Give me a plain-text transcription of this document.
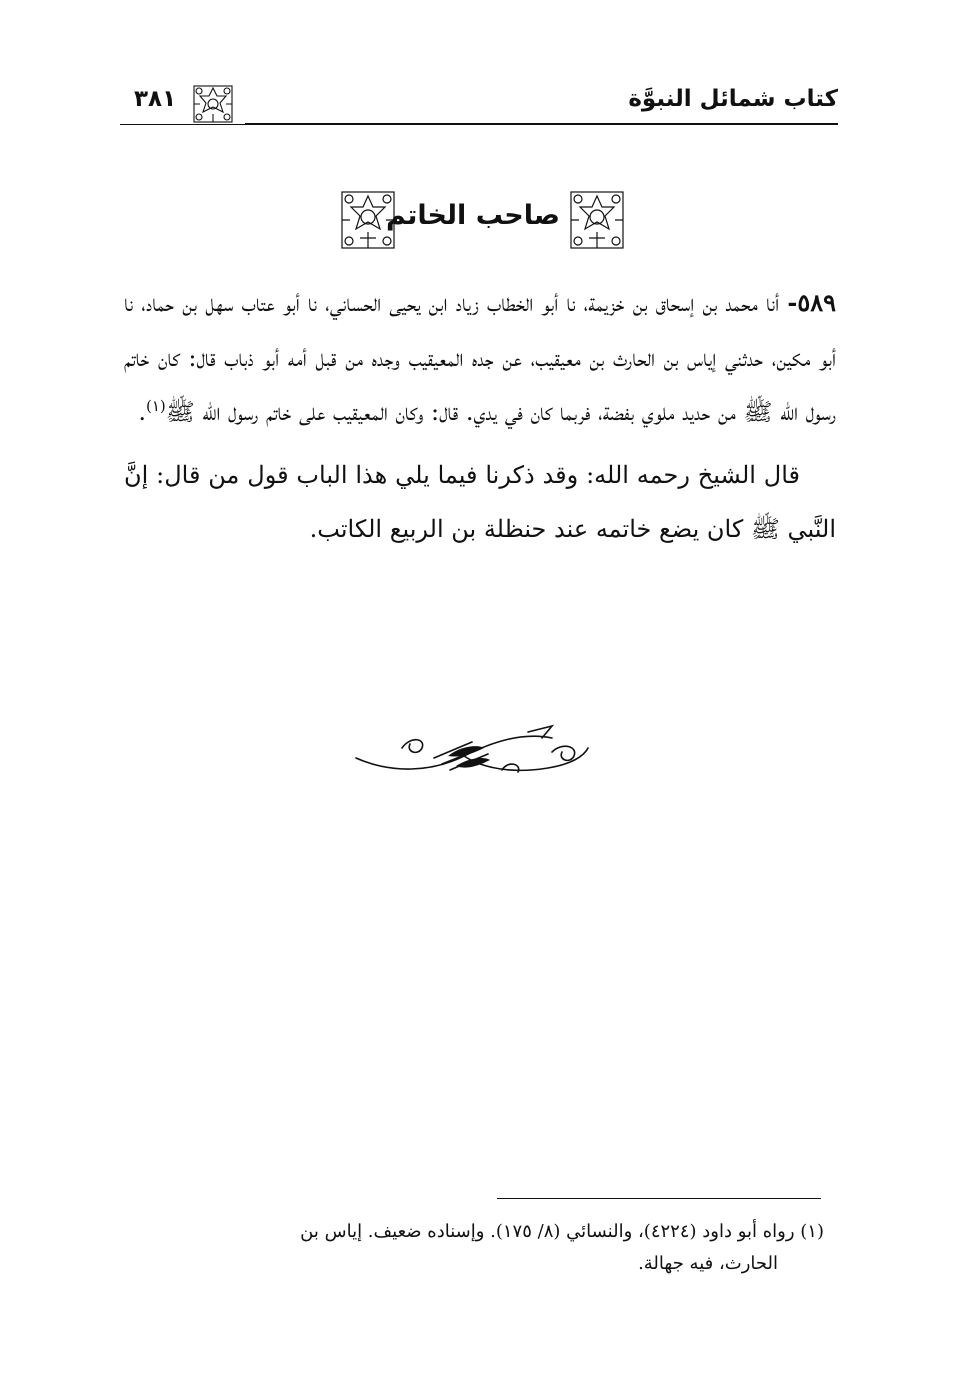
كتاب شمائل النبوَّة
٣٨١
صاحب الخاتم

٥٨٩- أنا محمد بن إسحاق بن خزيمة، نا أبو الخطاب زياد ابن يحيى الحساني، نا أبو عتاب سهل بن حماد، نا أبو مكين، حدثني إياس بن الحارث بن معيقيب، عن جده المعيقيب وجده من قبل أمه أبو ذباب قال: كان خاتم رسول الله ﷺ من حديد ملوي بفضة، فربما كان في يدي. قال: وكان المعيقيب على خاتم رسول الله ﷺ$^{(١)}$.

قال الشيخ رحمه الله: وقد ذكرنا فيما يلي هذا الباب قول من قال: إنَّ النَّبي ﷺ كان يضع خاتمه عند حنظلة بن الربيع الكاتب.

(١) رواه أبو داود (٤٢٢٤)، والنسائي (٨/ ١٧٥). وإسناده ضعيف. إياس بن

الحارث، فيه جهالة.
